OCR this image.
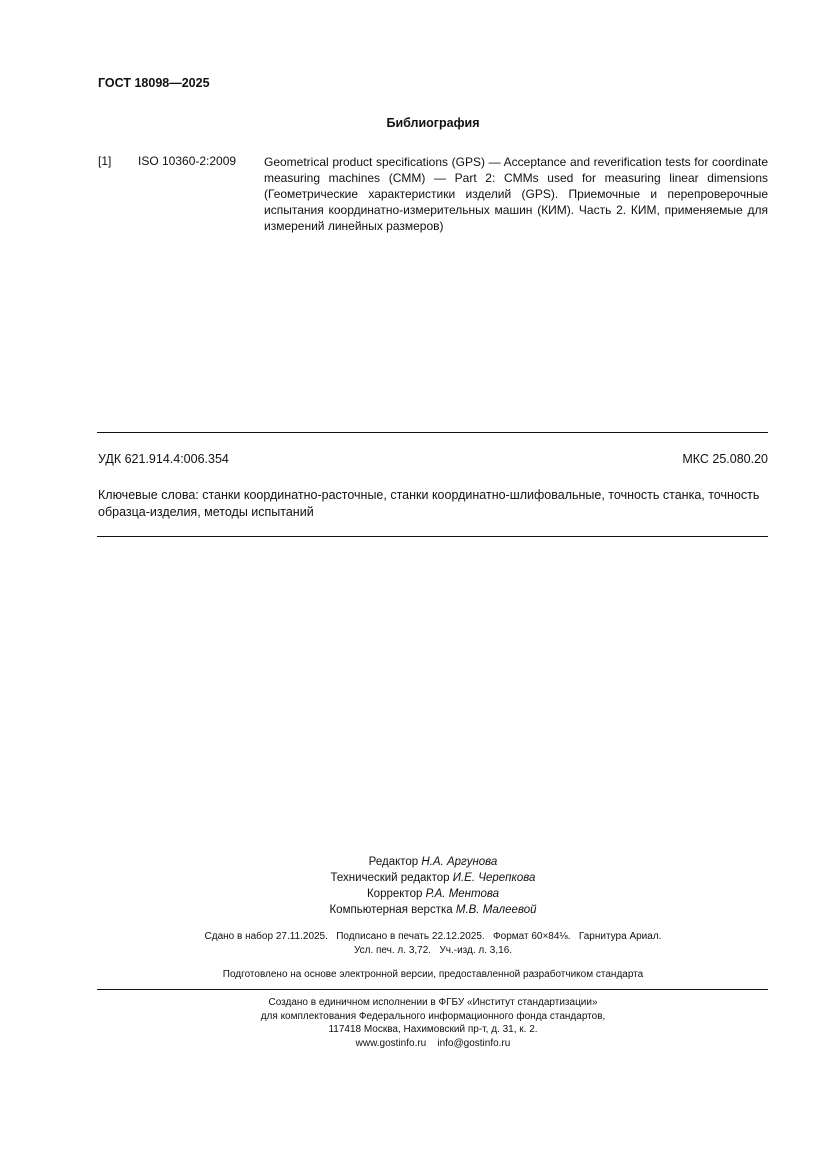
ГОСТ 18098—2025
Библиография
[1] ISO 10360-2:2009 Geometrical product specifications (GPS) — Acceptance and reverification tests for coordinate measuring machines (CMM) — Part 2: CMMs used for measuring linear dimensions (Геометрические характеристики изделий (GPS). Приемочные и перепроверочные испытания координатно-измерительных машин (КИМ). Часть 2. КИМ, применяемые для измерений линейных размеров)

УДК 621.914.4:006.354	МКС 25.080.20

Ключевые слова: станки координатно-расточные, станки координатно-шлифовальные, точность станка, точность образца-изделия, методы испытаний

Редактор Н.А. Аргунова
Технический редактор И.Е. Черепкова
Корректор Р.А. Ментова
Компьютерная верстка М.В. Малеевой
Сдано в набор 27.11.2025.   Подписано в печать 22.12.2025.   Формат 60×84⅛.   Гарнитура Ариал.
Усл. печ. л. 3,72.   Уч.-изд. л. 3,16.
Подготовлено на основе электронной версии, предоставленной разработчиком стандарта
Создано в единичном исполнении в ФГБУ «Институт стандартизации»
для комплектования Федерального информационного фонда стандартов,
117418 Москва, Нахимовский пр-т, д. 31, к. 2.
www.gostinfo.ru    info@gostinfo.ru
